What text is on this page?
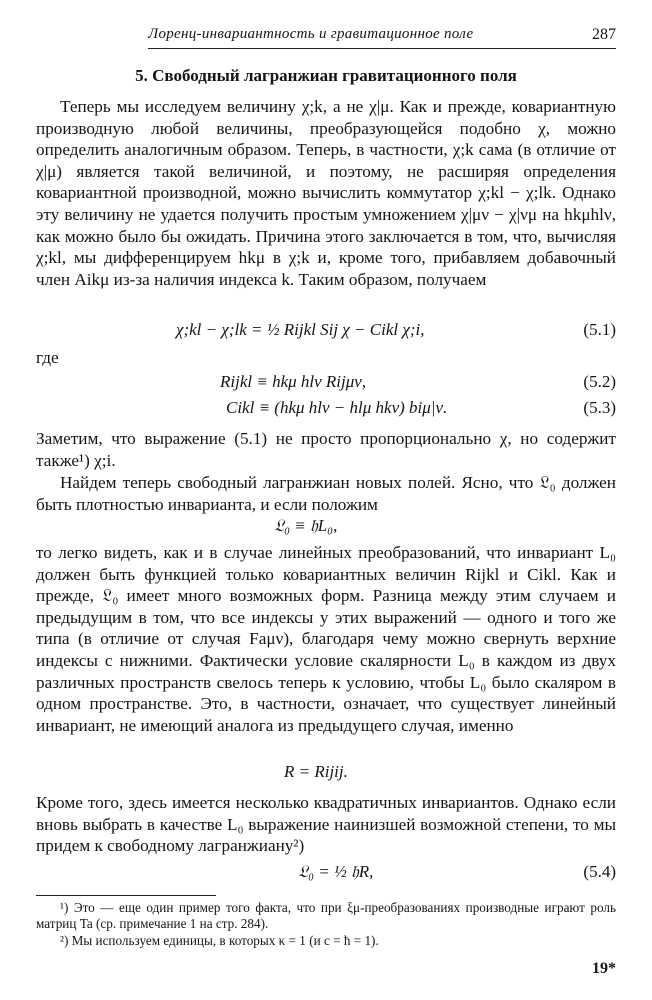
Лоренц-инвариантность и гравитационное поле	287
5. Свободный лагранжиан гравитационного поля

Теперь мы исследуем величину χ;k, а не χ|μ. Как и прежде, ковариантную производную любой величины, преобразующейся подобно χ, можно определить аналогичным образом. Теперь, в частности, χ;k сама (в отличие от χ|μ) является такой величиной, и поэтому, не расширяя определения ковариантной производной, можно вычислить коммутатор χ;kl − χ;lk. Однако эту величину не удается получить простым умножением χ|μν − χ|νμ на hkμhlν, как можно было бы ожидать. Причина этого заключается в том, что, вычисляя χ;kl, мы дифференцируем hkμ в χ;k и, кроме того, прибавляем добавочный член Aikμ из-за наличия индекса k. Таким образом, получаем

χ;kl − χ;lk = ½ Rijkl Sij χ − Cikl χ;i,	(5.1)
где
Rijkl ≡ hkμ hlν Rijμν,	(5.2)
Cikl ≡ (hkμ hlν − hlμ hkν) biμ|ν.	(5.3)

Заметим, что выражение (5.1) не просто пропорционально χ, но содержит также¹) χ;i.

Найдем теперь свободный лагранжиан новых полей. Ясно, что 𝔏₀ должен быть плотностью инварианта, и если положим

𝔏₀ ≡ 𝔥L₀,

то легко видеть, как и в случае линейных преобразований, что инвариант L₀ должен быть функцией только ковариантных величин Rijkl и Cikl. Как и прежде, 𝔏₀ имеет много возможных форм. Разница между этим случаем и предыдущим в том, что все индексы у этих выражений — одного и того же типа (в отличие от случая Faμν), благодаря чему можно свернуть верхние индексы с нижними. Фактически условие скалярности L₀ в каждом из двух различных пространств свелось теперь к условию, чтобы L₀ было скаляром в одном пространстве. Это, в частности, означает, что существует линейный инвариант, не имеющий аналога из предыдущего случая, именно

R = Rijij.

Кроме того, здесь имеется несколько квадратичных инвариантов. Однако если вновь выбрать в качестве L₀ выражение наинизшей возможной степени, то мы придем к свободному лагранжиану²)

𝔏₀ = ½ 𝔥R,	(5.4)

¹) Это — еще один пример того факта, что при ξμ-преобразованиях производные играют роль матриц Ta (ср. примечание 1 на стр. 284).

²) Мы используем единицы, в которых κ = 1 (и c = ħ = 1).

19*
